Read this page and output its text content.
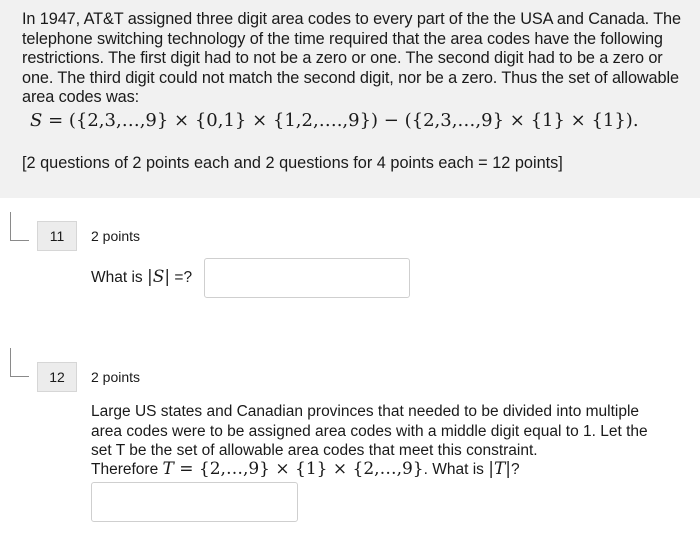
In 1947, AT&T assigned three digit area codes to every part of the the USA and Canada. The telephone switching technology of the time required that the area codes have the following restrictions. The first digit had to not be a zero or one. The second digit had to be a zero or one. The third digit could not match the second digit, nor be a zero. Thus the set of allowable area codes was:
S = ({2,3,…,9} × {0,1} × {1,2,….,9}) − ({2,3,…,9} × {1} × {1}).
[2 questions of 2 points each and 2 questions for 4 points each = 12 points]
11	2 points
What is |S| =?
12	2 points
Large US states and Canadian provinces that needed to be divided into multiple area codes were to be assigned area codes with a middle digit equal to 1. Let the set T be the set of allowable area codes that meet this constraint.
Therefore T = {2,…,9} × {1} × {2,…,9}. What is |T|?
